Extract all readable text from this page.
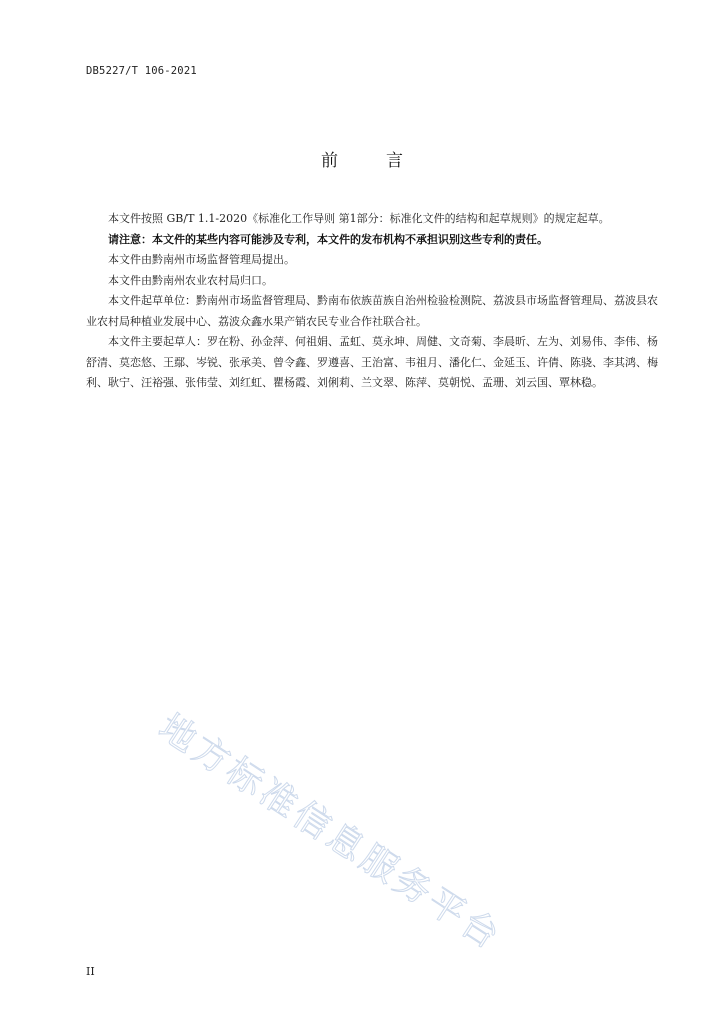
DB5227/T 106-2021
前	言

本文件按照 GB/T 1.1-2020《标准化工作导则 第1部分：标准化文件的结构和起草规则》的规定起草。

请注意：本文件的某些内容可能涉及专利，本文件的发布机构不承担识别这些专利的责任。

本文件由黔南州市场监督管理局提出。

本文件由黔南州农业农村局归口。

本文件起草单位：黔南州市场监督管理局、黔南布依族苗族自治州检验检测院、荔波县市场监督管理局、荔波县农业农村局种植业发展中心、荔波众鑫水果产销农民专业合作社联合社。

本文件主要起草人：罗在粉、孙金萍、何祖娟、孟虹、莫永坤、周健、文奇菊、李晨昕、左为、刘易伟、李伟、杨舒清、莫恋悠、王鄢、岑锐、张承美、曾令鑫、罗遵喜、王治富、韦祖月、潘化仁、金延玉、许倩、陈骁、李其鸿、梅利、耿宁、汪裕强、张伟莹、刘红虹、瞿杨霞、刘俐莉、兰文翠、陈萍、莫朝悦、孟珊、刘云国、覃林稳。

地方标准信息服务平台
II
